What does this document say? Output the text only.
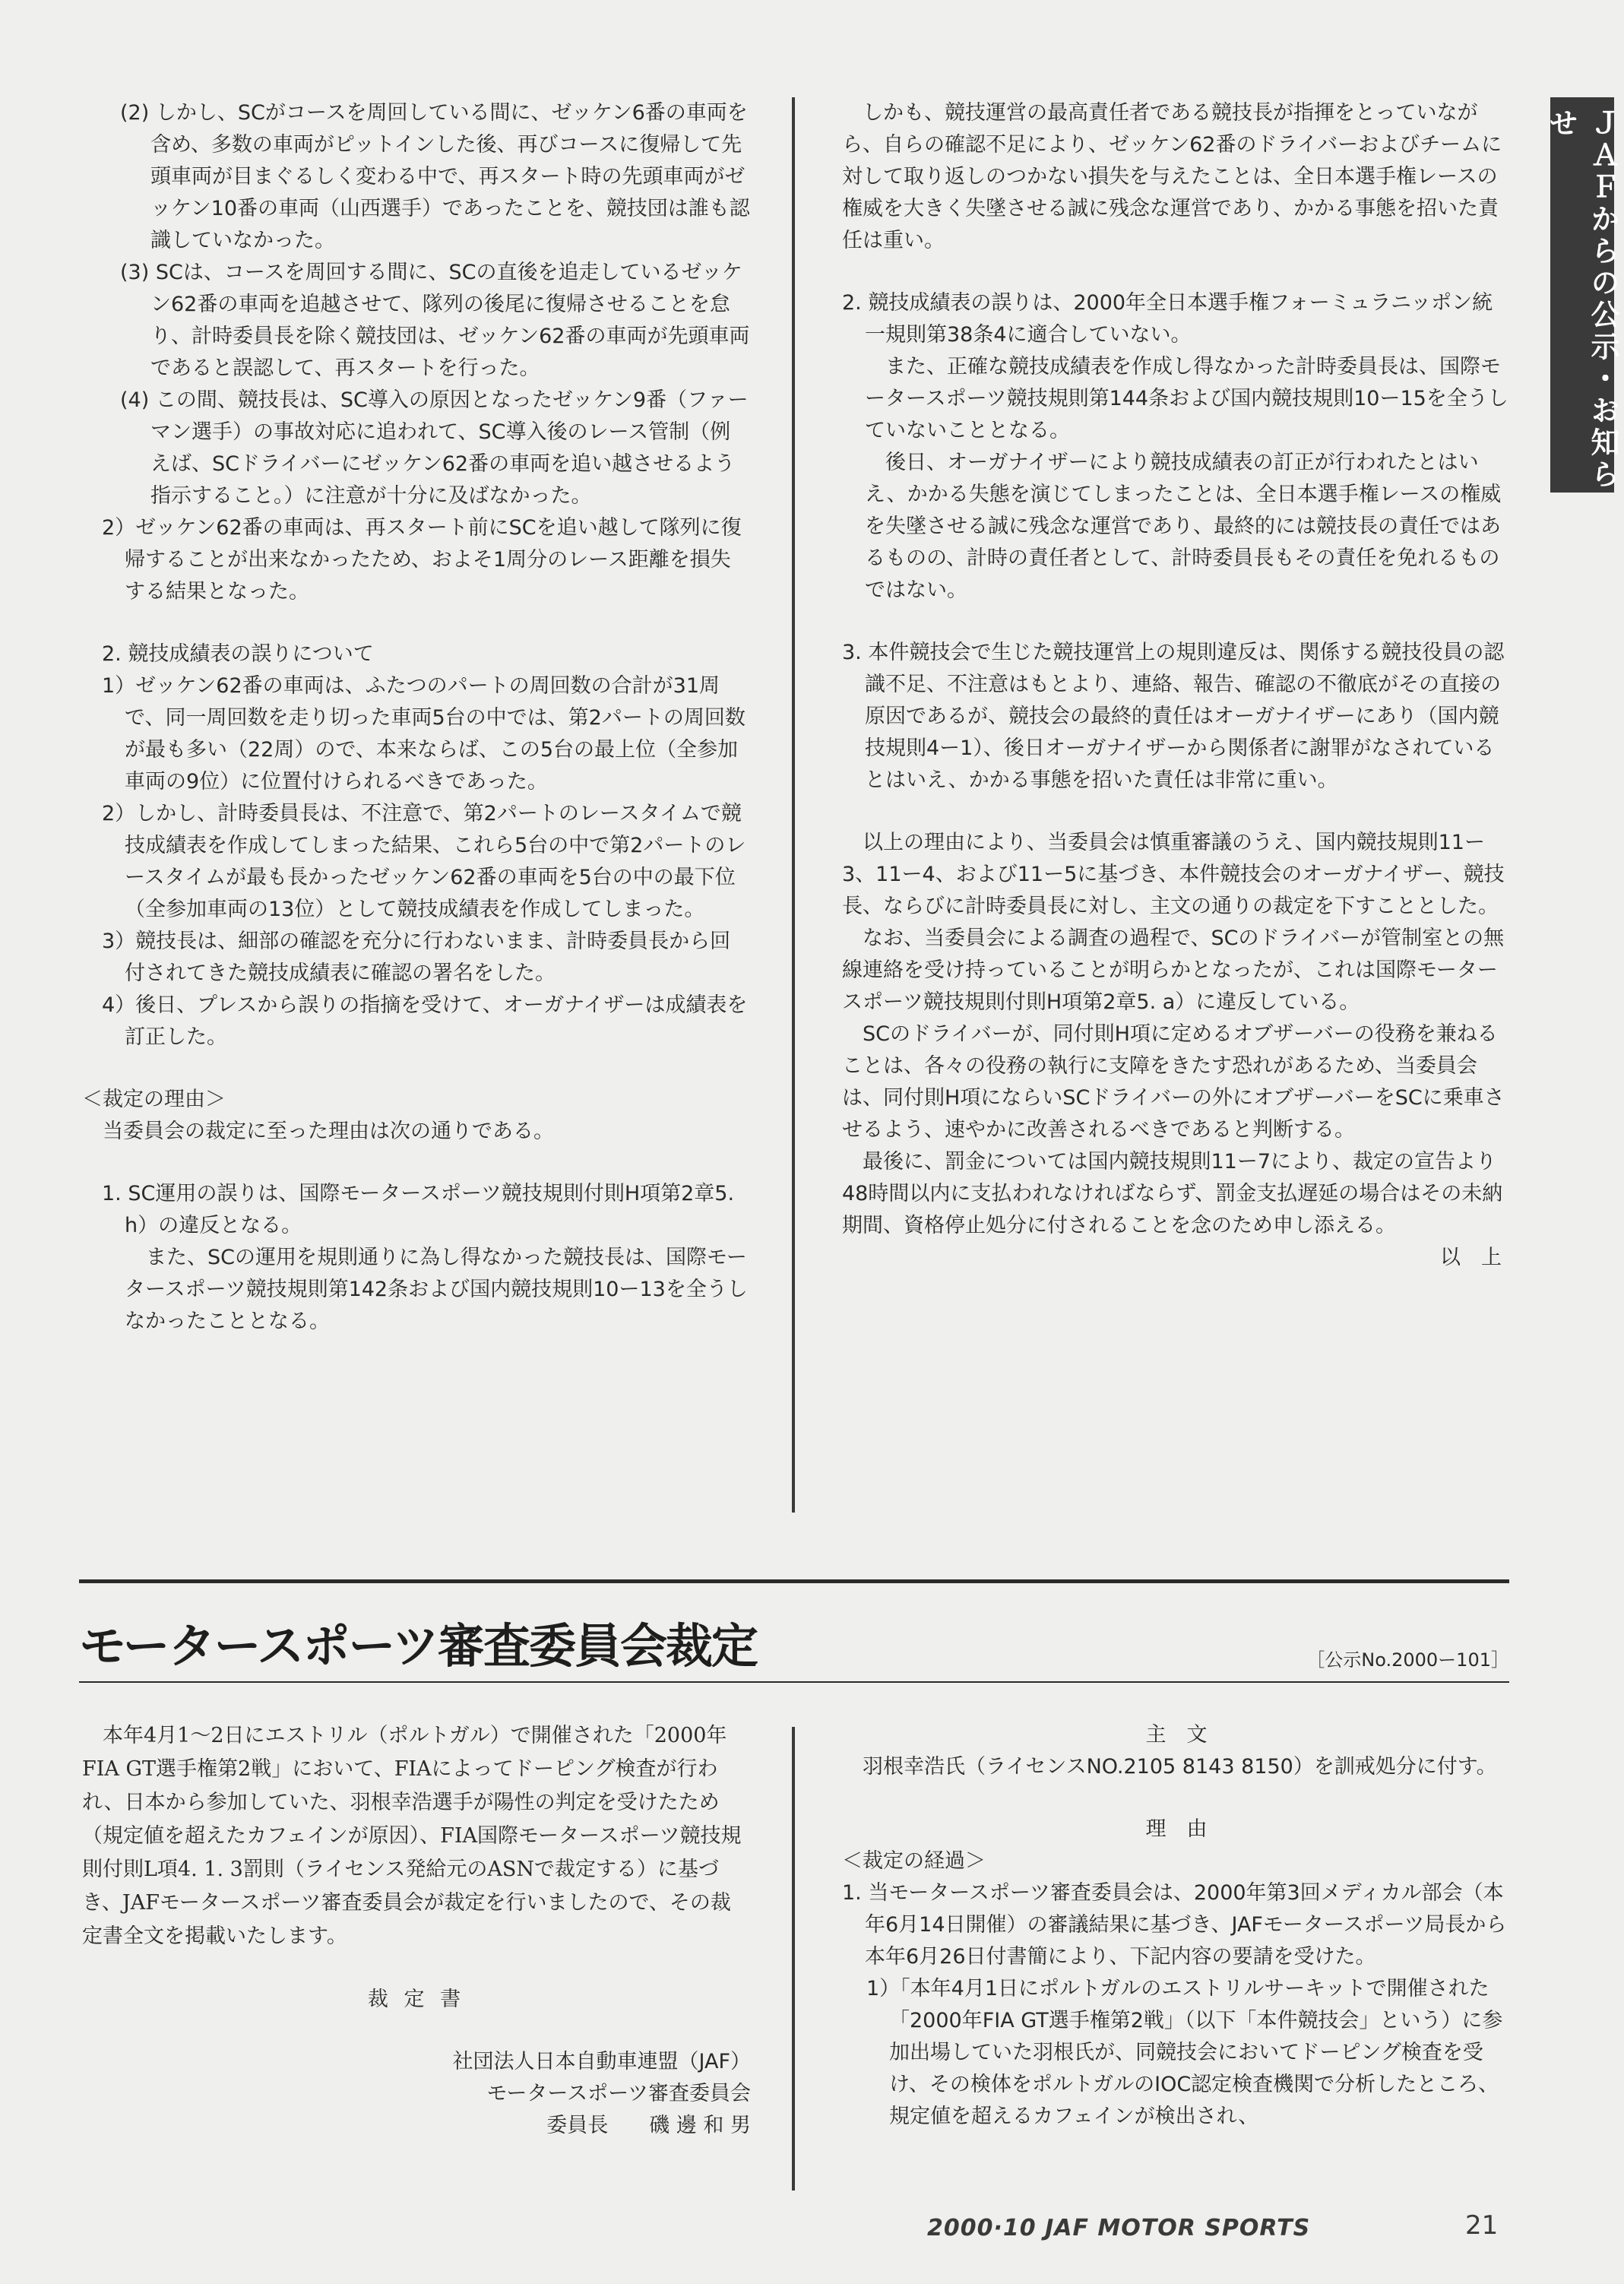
ＪＡＦからの公示・お知らせ

(2) しかし、SCがコースを周回している間に、ゼッケン6番の車両を含め、多数の車両がピットインした後、再びコースに復帰して先頭車両が目まぐるしく変わる中で、再スタート時の先頭車両がゼッケン10番の車両（山西選手）であったことを、競技団は誰も認識していなかった。

(3) SCは、コースを周回する間に、SCの直後を追走しているゼッケン62番の車両を追越させて、隊列の後尾に復帰させることを怠り、計時委員長を除く競技団は、ゼッケン62番の車両が先頭車両であると誤認して、再スタートを行った。

(4) この間、競技長は、SC導入の原因となったゼッケン9番（ファーマン選手）の事故対応に追われて、SC導入後のレース管制（例えば、SCドライバーにゼッケン62番の車両を追い越させるよう指示すること。）に注意が十分に及ばなかった。

2）ゼッケン62番の車両は、再スタート前にSCを追い越して隊列に復帰することが出来なかったため、およそ1周分のレース距離を損失する結果となった。

2. 競技成績表の誤りについて

1）ゼッケン62番の車両は、ふたつのパートの周回数の合計が31周で、同一周回数を走り切った車両5台の中では、第2パートの周回数が最も多い（22周）ので、本来ならば、この5台の最上位（全参加車両の9位）に位置付けられるべきであった。

2）しかし、計時委員長は、不注意で、第2パートのレースタイムで競技成績表を作成してしまった結果、これら5台の中で第2パートのレースタイムが最も長かったゼッケン62番の車両を5台の中の最下位（全参加車両の13位）として競技成績表を作成してしまった。

3）競技長は、細部の確認を充分に行わないまま、計時委員長から回付されてきた競技成績表に確認の署名をした。

4）後日、プレスから誤りの指摘を受けて、オーガナイザーは成績表を訂正した。

＜裁定の理由＞

当委員会の裁定に至った理由は次の通りである。

1. SC運用の誤りは、国際モータースポーツ競技規則付則H項第2章5. h）の違反となる。

また、SCの運用を規則通りに為し得なかった競技長は、国際モータースポーツ競技規則第142条および国内競技規則10ー13を全うしなかったこととなる。

しかも、競技運営の最高責任者である競技長が指揮をとっていながら、自らの確認不足により、ゼッケン62番のドライバーおよびチームに対して取り返しのつかない損失を与えたことは、全日本選手権レースの権威を大きく失墜させる誠に残念な運営であり、かかる事態を招いた責任は重い。

2. 競技成績表の誤りは、2000年全日本選手権フォーミュラニッポン統一規則第38条4に適合していない。

また、正確な競技成績表を作成し得なかった計時委員長は、国際モータースポーツ競技規則第144条および国内競技規則10ー15を全うしていないこととなる。

後日、オーガナイザーにより競技成績表の訂正が行われたとはいえ、かかる失態を演じてしまったことは、全日本選手権レースの権威を失墜させる誠に残念な運営であり、最終的には競技長の責任ではあるものの、計時の責任者として、計時委員長もその責任を免れるものではない。

3. 本件競技会で生じた競技運営上の規則違反は、関係する競技役員の認識不足、不注意はもとより、連絡、報告、確認の不徹底がその直接の原因であるが、競技会の最終的責任はオーガナイザーにあり（国内競技規則4ー1）、後日オーガナイザーから関係者に謝罪がなされているとはいえ、かかる事態を招いた責任は非常に重い。

以上の理由により、当委員会は慎重審議のうえ、国内競技規則11ー3、11ー4、および11ー5に基づき、本件競技会のオーガナイザー、競技長、ならびに計時委員長に対し、主文の通りの裁定を下すこととした。

なお、当委員会による調査の過程で、SCのドライバーが管制室との無線連絡を受け持っていることが明らかとなったが、これは国際モータースポーツ競技規則付則H項第2章5. a）に違反している。

SCのドライバーが、同付則H項に定めるオブザーバーの役務を兼ねることは、各々の役務の執行に支障をきたす恐れがあるため、当委員会は、同付則H項にならいSCドライバーの外にオブザーバーをSCに乗車させるよう、速やかに改善されるべきであると判断する。

最後に、罰金については国内競技規則11ー7により、裁定の宣告より48時間以内に支払われなければならず、罰金支払遅延の場合はその未納期間、資格停止処分に付されることを念のため申し添える。

以　上

モータースポーツ審査委員会裁定	［公示No.2000ー101］

本年4月1〜2日にエストリル（ポルトガル）で開催された「2000年FIA GT選手権第2戦」において、FIAによってドーピング検査が行われ、日本から参加していた、羽根幸浩選手が陽性の判定を受けたため（規定値を超えたカフェインが原因）、FIA国際モータースポーツ競技規則付則L項4. 1. 3罰則（ライセンス発給元のASNで裁定する）に基づき、JAFモータースポーツ審査委員会が裁定を行いましたので、その裁定書全文を掲載いたします。

裁 定 書

社団法人日本自動車連盟（JAF）

モータースポーツ審査委員会

委員長　　磯 邊 和 男

主　文

羽根幸浩氏（ライセンスNO.2105 8143 8150）を訓戒処分に付す。

理　由

＜裁定の経過＞

1. 当モータースポーツ審査委員会は、2000年第3回メディカル部会（本年6月14日開催）の審議結果に基づき、JAFモータースポーツ局長から本年6月26日付書簡により、下記内容の要請を受けた。

1）「本年4月1日にポルトガルのエストリルサーキットで開催された「2000年FIA GT選手権第2戦」（以下「本件競技会」という）に参加出場していた羽根氏が、同競技会においてドーピング検査を受け、その検体をポルトガルのIOC認定検査機関で分析したところ、規定値を超えるカフェインが検出され、

2000·10 JAF MOTOR SPORTS	21
